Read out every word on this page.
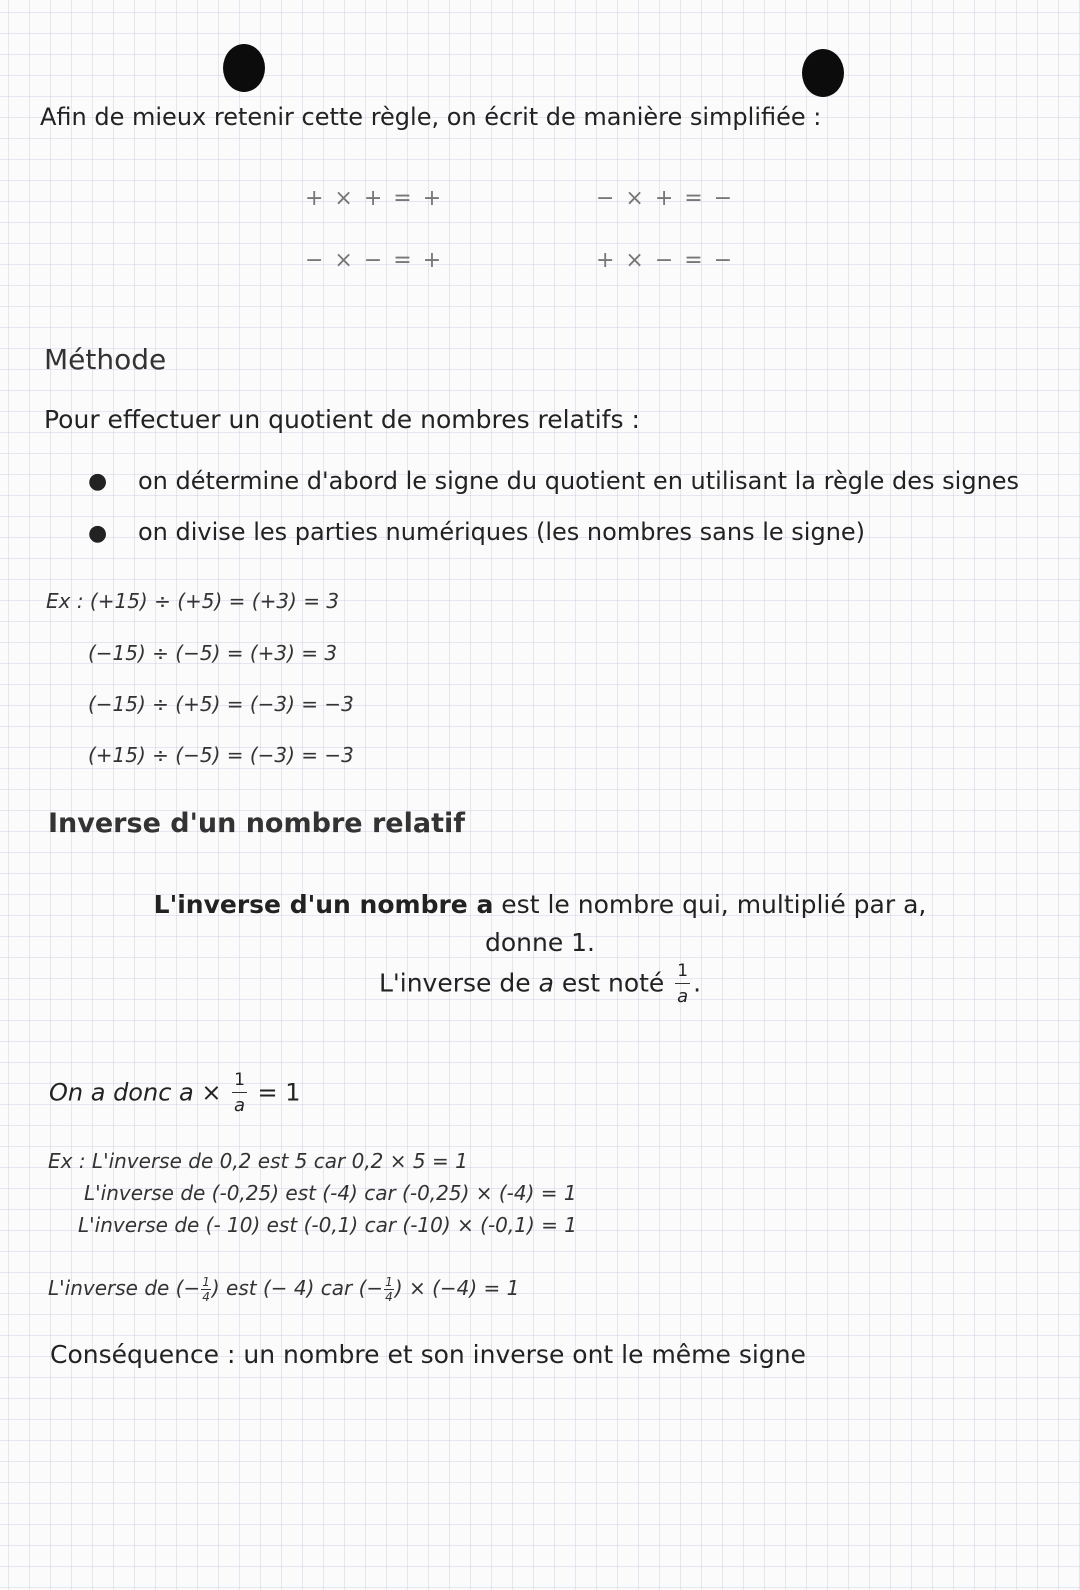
Afin de mieux retenir cette règle, on écrit de manière simplifiée :
+ × + = +	− × + = −
− × − = +	+ × − = −
Méthode
Pour effectuer un quotient de nombres relatifs :
● on détermine d'abord le signe du quotient en utilisant la règle des signes
● on divise les parties numériques (les nombres sans le signe)
Ex : (+15) ÷ (+5) = (+3) = 3
(−15) ÷ (−5) = (+3) = 3
(−15) ÷ (+5) = (−3) = −3
(+15) ÷ (−5) = (−3) = −3
Inverse d'un nombre relatif
L'inverse d'un nombre a est le nombre qui, multiplié par a,
donne 1.
L'inverse de a est noté $\frac{1}{a}$ .
On a donc $a \times \frac{1}{a} = 1$
Ex : L'inverse de 0,2 est 5 car 0,2 × 5 = 1
L'inverse de (-0,25) est (-4) car (-0,25) × (-4) = 1
L'inverse de (- 10) est (-0,1) car (-10) × (-0,1) = 1
L'inverse de (− $\frac{1}{4}$ ) est (− 4) car (− $\frac{1}{4}$ ) × (−4) = 1
Conséquence : un nombre et son inverse ont le même signe
